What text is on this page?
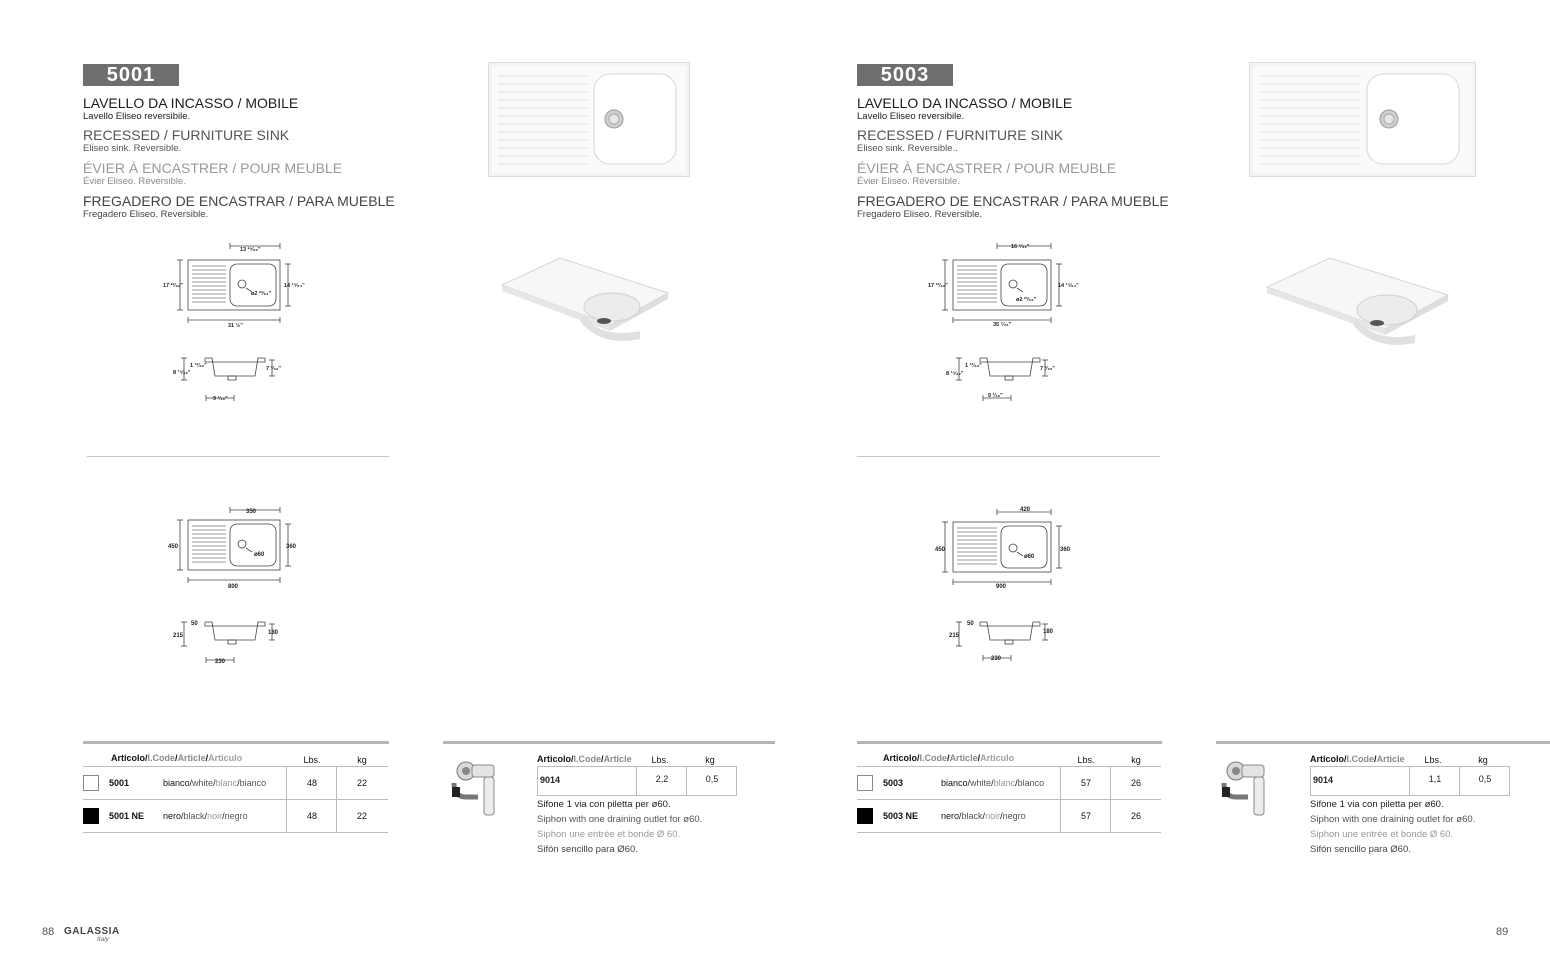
5001
LAVELLO DA INCASSO / MOBILE
Lavello Eliseo reversibile.
RECESSED / FURNITURE SINK
Eliseo sink. Reversible.
ÉVIER À ENCASTRER / POUR MEUBLE
Évier Eliseo. Réversible.
FREGADERO DE ENCASTRAR / PARA MUEBLE
Fregadero Eliseo. Reversible.
13 ²⁹⁄₃₂"
17 ²³⁄₃₂"	14 ¹⁵⁄₆₄"
ø2 ²³⁄₆₄"
31 ½"
1 ³¹⁄₃₂"
8 ¹⁵⁄₃₂"
7 ³⁄₃₂"
9 ¹⁄₁₆"
350
450	360
ø60
800
50
215	180
230
Articolo/I.Code/Article/Articulo	Lbs.	kg
5001	bianco/white/blanc/bianco	48	22
5001 NE nero/black/noir/negro	48	22
Articolo/I.Code/Article	Lbs.	kg
9014	2,2	0,5
Sifone 1 via con piletta per ø60.
Siphon with one draining outlet for ø60.
Siphon une entrée et bonde Ø 60.
Sifón sencillo para Ø60.
88 GALASSIA
Italy
5003
LAVELLO DA INCASSO / MOBILE
Lavello Eliseo reversibile.
RECESSED / FURNITURE SINK
Eliseo sink. Reversible..
ÉVIER À ENCASTRER / POUR MEUBLE
Évier Eliseo. Réversible.
FREGADERO DE ENCASTRAR / PARA MUEBLE
Fregadero Eliseo. Reversible.
16 ⁷⁄₃₂"
17 ²³⁄₃₂"	14 ¹⁵⁄₆₄"
ø2 ²³⁄₆₄"
35 ⁷⁄₁₆"
1 ³¹⁄₃₂"
8 ¹⁵⁄₃₂"
7 ³⁄₃₂"
9 ¹⁄₁₆"
420
450	360
ø60
900
50
215
180
230
Articolo/I.Code/Article/Articulo	Lbs.	kg
5003	bianco/white/blanc/blanco	57	26
5003 NE	nero/black/noir/negro	57	26
Articolo/I.Code/Article	Lbs.	kg
9014	1,1	0,5
Sifone 1 via con piletta per ø60.
Siphon with one draining outlet for ø60.
Siphon une entrée et bonde Ø 60.
Sifón sencillo para Ø60.
89
